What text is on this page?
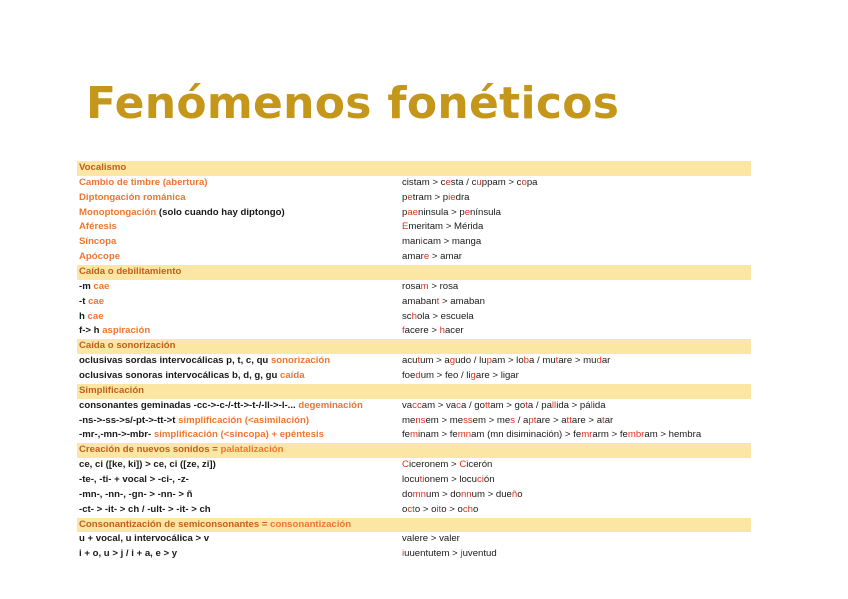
Fenómenos fonéticos
Vocalismo
Cambio de timbre (abertura)	cistam > cesta / cuppam > copa
Diptongación románica	petram > piedra
Monoptongación (solo cuando hay diptongo)	paeninsula > península
Aféresis	Emeritam > Mérida
Síncopa	manicam > manga
Apócope	amare > amar
Caída o debilitamiento
-m cae	rosam > rosa
-t cae	amabant > amaban
h cae	schola > escuela
f-> h aspiración	facere > hacer
Caída o sonorización
oclusivas sordas intervocálicas p, t, c, qu sonorización	acutum > agudo / lupam > loba / mutare > mudar
oclusivas sonoras intervocálicas b, d, g, gu caída	foedum > feo / ligare > ligar
Simplificación
consonantes geminadas -cc->-c-/-tt->-t-/-ll->-l-... degeminación	vaccam > vaca / gottam > gota / pallida > pálida
-ns->-ss->s/-pt->-tt->t simplificación (<asimilación)	mensem > messem > mes / aptare > attare > atar
-mr-,-mn->-mbr- simplificación (<síncopa) + epéntesis	feminam > femnam (mn disiminación) > femrarm > fembram > hembra
Creación de nuevos sonidos = palatalización
ce, ci ([ke, ki]) > ce, ci ([ze, zi])	Ciceronem > Cicerón
-te-, -ti- + vocal > -ci-, -z-	locutionem > locución
-mn-, -nn-, -gn- > -nn- > ñ	domnum > donnum > dueño
-ct- > -it- > ch / -ult- > -it- > ch	octo > oito > ocho
Consonantización de semiconsonantes = consonantización
u + vocal, u intervocálica > v	valere > valer
i + o, u > j / i + a, e > y	iuuentutem > juventud
